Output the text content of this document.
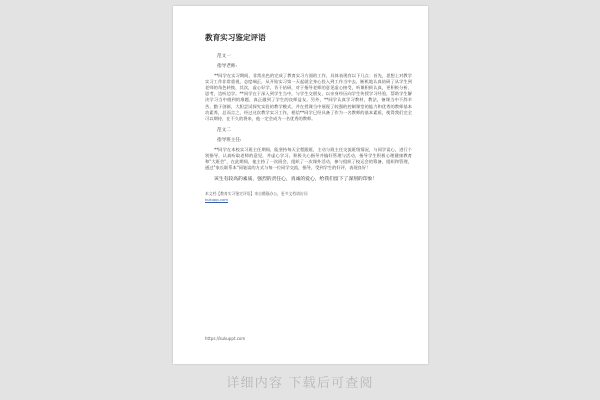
教育实习鉴定评语
范文一
指导老师:

**同学在实习期间，非常出色的完成了教育实习方面的工作，具体表现有以下几点：首先，思想上对教学实习工作非常重视，态度端正，从开始实习第一天起就全身心投入到工作当中去，断机地认真钻研了从学生到老师的角色转换，其次，虚心好学，肯于钻研，对于指导老师的意见虚心接受，听课积极认真，更积极分析、思考，边听边学。**同学在于深入到学生当中，与学生交朋友，以亲身经历向学生传授学习经验，帮助学生解决学习当中遇到的难题，真正做到了学生的良师益友。另外，**同学认真学习教材，教法，备课当中不辞辛苦，勤于创新，大胆尝试探究实验的教学模式，并在授课当中展现了较强的控制课堂的能力和优秀的教师基本功素养，总而言之，经过这次教学实习工作，相信**同学已经具备了作为一名教师的基本素质，使得我们完全可以期待，在不久的将来，他一定会成为一名优秀的教师。

范文二
指导班主任:

**同学在本校实习班主任期间，能坚持每天全程跟班，主动与班主任交流班级情况，与同学谈心，进行个别指导，认真听取老师的意见，并虚心学习。积极关心指导并搞好管理与活动，指导学生积极心理健康教育和"大班会"，在此期间，他主持了一次班会，组织了一次课外活动，参与组织了校运会的筹备，组织和管理，通过"家长联系本"同笔谈的方式与每一位同学交流，指导，受到学生的好评，表现良好！

该生有较高的素质，强烈的责任心，真诚的爱心，给我们留下了深刻的印象！

本文档【教育实习鉴定评语】来自酷猫办公，更多文档请访问
kukupp.com
https://kukuppt.com
详细内容 下载后可查阅
